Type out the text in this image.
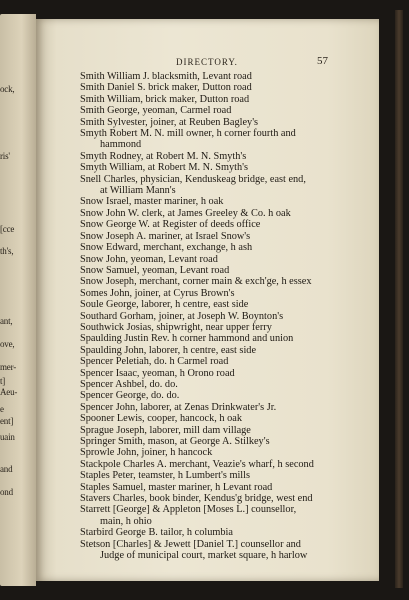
ock,
ris'
[cce
th's,
ant,
ove,
mer-
t]
Aeu-
e
ent]
uain
and
ond
DIRECTORY.	57
Smith William J. blacksmith, Levant road
Smith Daniel S. brick maker, Dutton road
Smith William, brick maker, Dutton road
Smith George, yeoman, Carmel road
Smith Sylvester, joiner, at Reuben Bagley's
Smyth Robert M. N. mill owner, h corner fourth and
hammond
Smyth Rodney, at Robert M. N. Smyth's
Smyth William, at Robert M. N. Smyth's
Snell Charles, physician, Kenduskeag bridge, east end,
at William Mann's
Snow Israel, master mariner, h oak
Snow John W. clerk, at James Greeley & Co. h oak
Snow George W. at Register of deeds office
Snow Joseph A. mariner, at Israel Snow's
Snow Edward, merchant, exchange, h ash
Snow John, yeoman, Levant road
Snow Samuel, yeoman, Levant road
Snow Joseph, merchant, corner main & exch'ge, h essex
Somes John, joiner, at Cyrus Brown's
Soule George, laborer, h centre, east side
Southard Gorham, joiner, at Joseph W. Boynton's
Southwick Josias, shipwright, near upper ferry
Spaulding Justin Rev. h corner hammond and union
Spaulding John, laborer, h centre, east side
Spencer Peletiah, do. h Carmel road
Spencer Isaac, yeoman, h Orono road
Spencer Ashbel, do. do.
Spencer George, do. do.
Spencer John, laborer, at Zenas Drinkwater's Jr.
Spooner Lewis, cooper, hancock, h oak
Sprague Joseph, laborer, mill dam village
Springer Smith, mason, at George A. Stilkey's
Sprowle John, joiner, h hancock
Stackpole Charles A. merchant, Veazie's wharf, h second
Staples Peter, teamster, h Lumbert's mills
Staples Samuel, master mariner, h Levant road
Stavers Charles, book binder, Kendus'g bridge, west end
Starrett [George] & Appleton [Moses L.] counsellor,
main, h ohio
Starbird George B. tailor, h columbia
Stetson [Charles] & Jewett [Daniel T.] counsellor and
Judge of municipal court, market square, h harlow
